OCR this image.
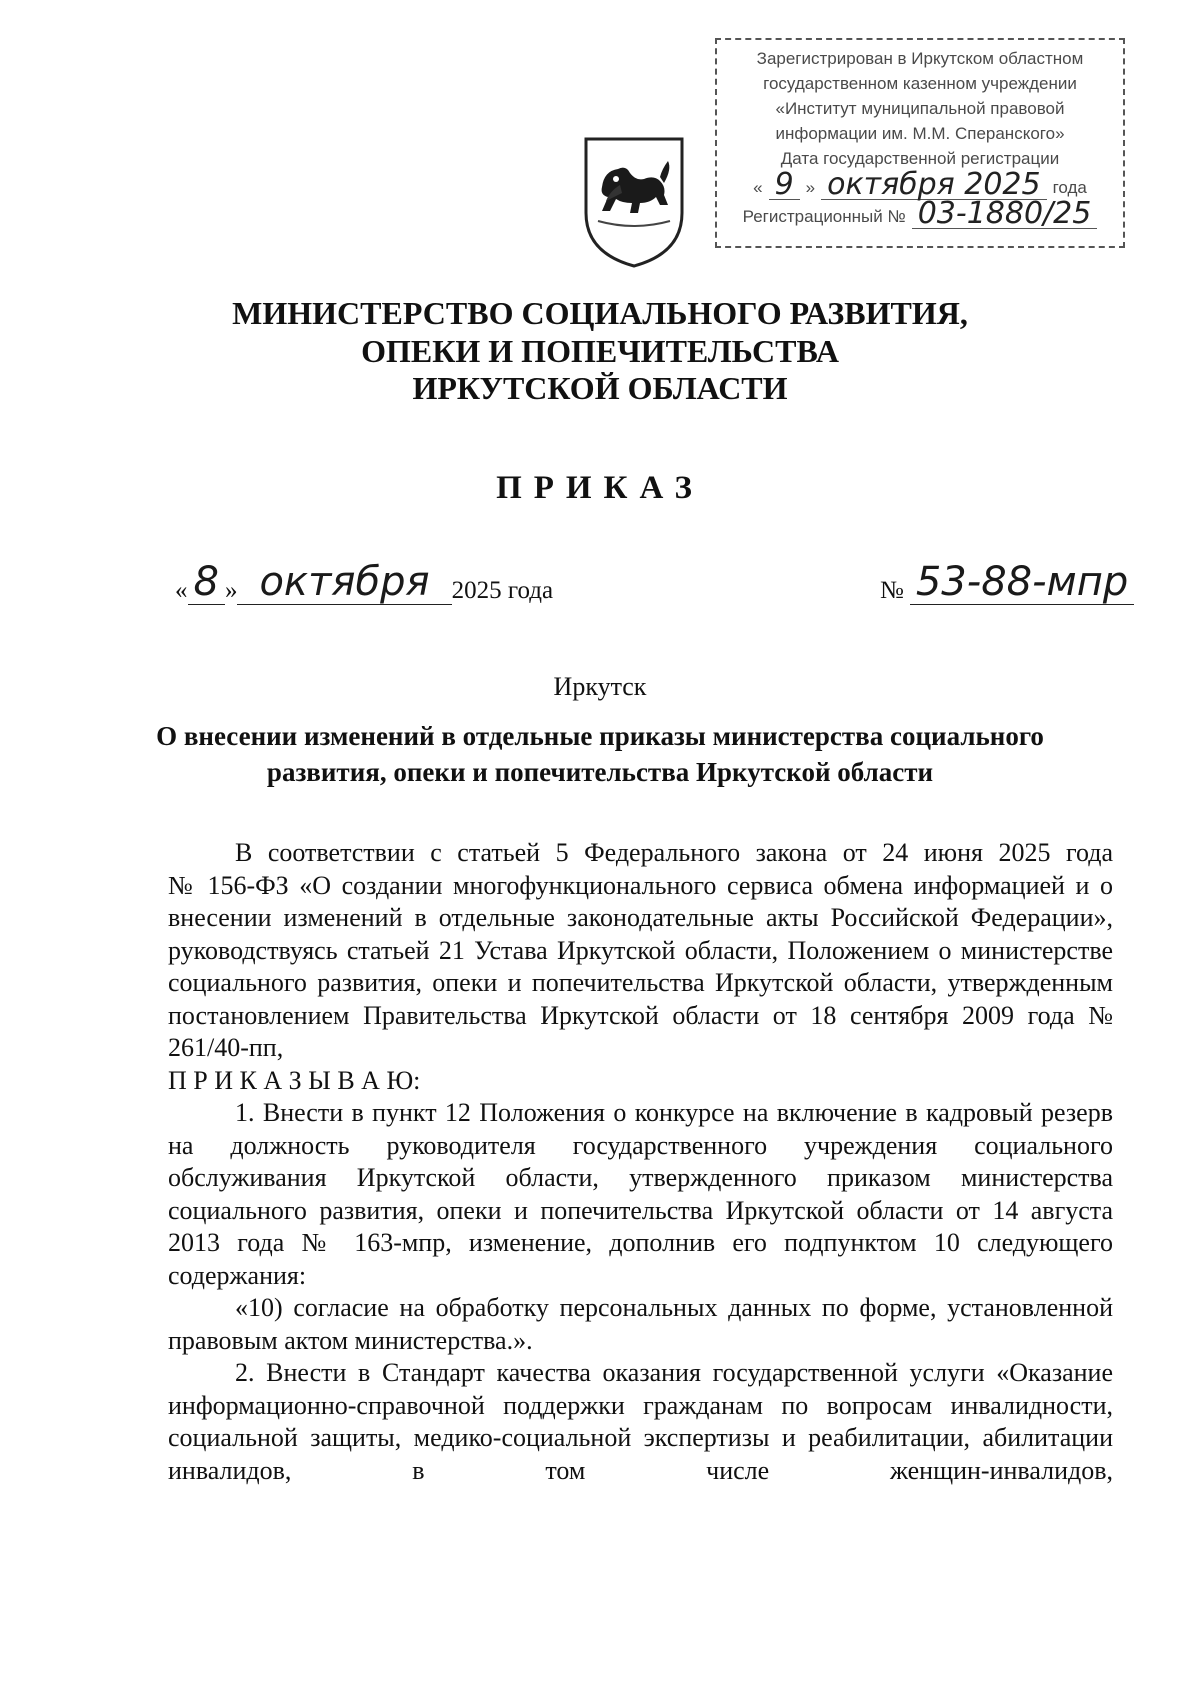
Зарегистрирован в Иркутском областном
государственном казенном учреждении
«Институт муниципальной правовой
информации им. М.М. Сперанского»
Дата государственной регистрации
« 9 » октября 2025 года
Регистрационный № 03-1880/25
МИНИСТЕРСТВО СОЦИАЛЬНОГО РАЗВИТИЯ,
ОПЕКИ И ПОПЕЧИТЕЛЬСТВА
ИРКУТСКОЙ ОБЛАСТИ
ПРИКАЗ
« 8 » октября 2025 года	№ 53-88-мпр
Иркутск
О внесении изменений в отдельные приказы министерства социального
развития, опеки и попечительства Иркутской области

В соответствии с статьей 5 Федерального закона от 24 июня 2025 года

№ 156-ФЗ «О создании многофункционального сервиса обмена информацией и о внесении изменений в отдельные законодательные акты Российской Федерации», руководствуясь статьей 21 Устава Иркутской области, Положением о министерстве социального развития, опеки и попечительства Иркутской области, утвержденным постановлением Правительства Иркутской области от 18 сентября 2009 года № 261/40-пп,

П Р И К А З Ы В А Ю:

1. Внести в пункт 12 Положения о конкурсе на включение в кадровый резерв на должность руководителя государственного учреждения социального обслуживания Иркутской области, утвержденного приказом министерства социального развития, опеки и попечительства Иркутской области от 14 августа 2013 года № 163-мпр, изменение, дополнив его подпунктом 10 следующего содержания:

«10) согласие на обработку персональных данных по форме, установленной правовым актом министерства.».

2. Внести в Стандарт качества оказания государственной услуги «Оказание информационно-справочной поддержки гражданам по вопросам инвалидности, социальной защиты, медико-социальной экспертизы и реабилитации, абилитации инвалидов, в том числе женщин-инвалидов,
